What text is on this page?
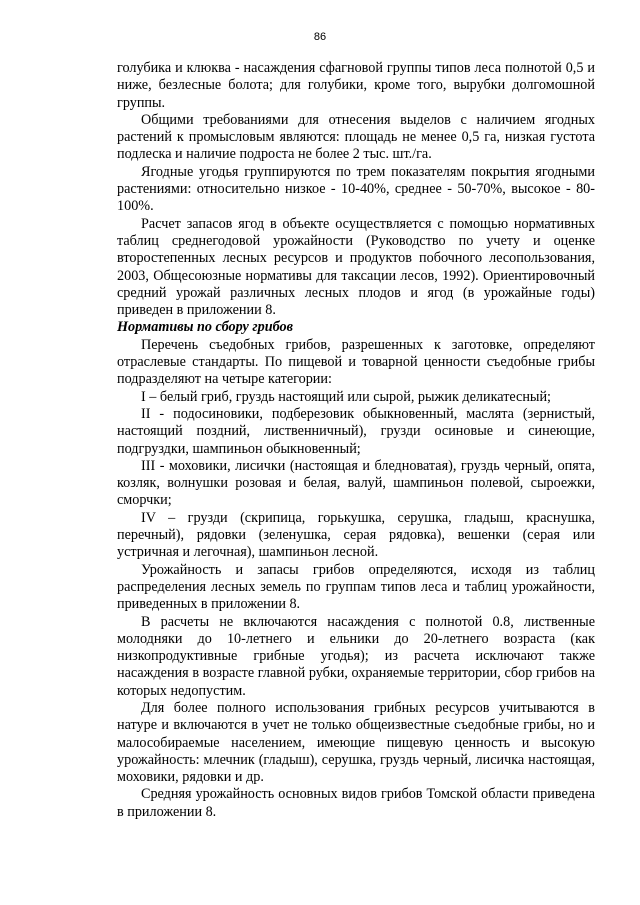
86

голубика и клюква - насаждения сфагновой группы типов леса полнотой 0,5 и ниже, безлесные болота; для голубики, кроме того, вырубки долгомошной группы.

Общими требованиями для отнесения выделов с наличием ягодных растений к промысловым являются: площадь не менее 0,5 га, низкая густота подлеска и наличие подроста не более 2 тыс. шт./га.

Ягодные угодья группируются по трем показателям покрытия ягодными растениями: относительно низкое - 10-40%, среднее - 50-70%, высокое - 80-100%.

Расчет запасов ягод в объекте осуществляется с помощью нормативных таблиц среднегодовой урожайности (Руководство по учету и оценке второстепенных лесных ресурсов и продуктов побочного лесопользования, 2003, Общесоюзные нормативы для таксации лесов, 1992). Ориентировочный средний урожай различных лесных плодов и ягод (в урожайные годы) приведен в приложении 8.

Нормативы по сбору грибов

Перечень съедобных грибов, разрешенных к заготовке, определяют отраслевые стандарты. По пищевой и товарной ценности съедобные грибы подразделяют на четыре категории:

I – белый гриб, груздь настоящий или сырой, рыжик деликатесный;

II - подосиновики, подберезовик обыкновенный, маслята (зернистый, настоящий поздний, лиственничный), грузди осиновые и синеющие, подгруздки, шампиньон обыкновенный;

III - моховики, лисички (настоящая и бледноватая), груздь черный, опята, козляк, волнушки розовая и белая, валуй, шампиньон полевой, сыроежки, сморчки;

IV – грузди (скрипица, горькушка, серушка, гладыш, краснушка, перечный), рядовки (зеленушка, серая рядовка), вешенки (серая или устричная и легочная), шампиньон лесной.

Урожайность и запасы грибов определяются, исходя из таблиц распределения лесных земель по группам типов леса и таблиц урожайности, приведенных в приложении 8.

В расчеты не включаются насаждения с полнотой 0.8, лиственные молодняки до 10-летнего и ельники до 20-летнего возраста (как низкопродуктивные грибные угодья); из расчета исключают также насаждения в возрасте главной рубки, охраняемые территории, сбор грибов на которых недопустим.

Для более полного использования грибных ресурсов учитываются в натуре и включаются в учет не только общеизвестные съедобные грибы, но и малособираемые населением, имеющие пищевую ценность и высокую урожайность: млечник (гладыш), серушка, груздь черный, лисичка настоящая, моховики, рядовки и др.

Средняя урожайность основных видов грибов Томской области приведена в приложении 8.
